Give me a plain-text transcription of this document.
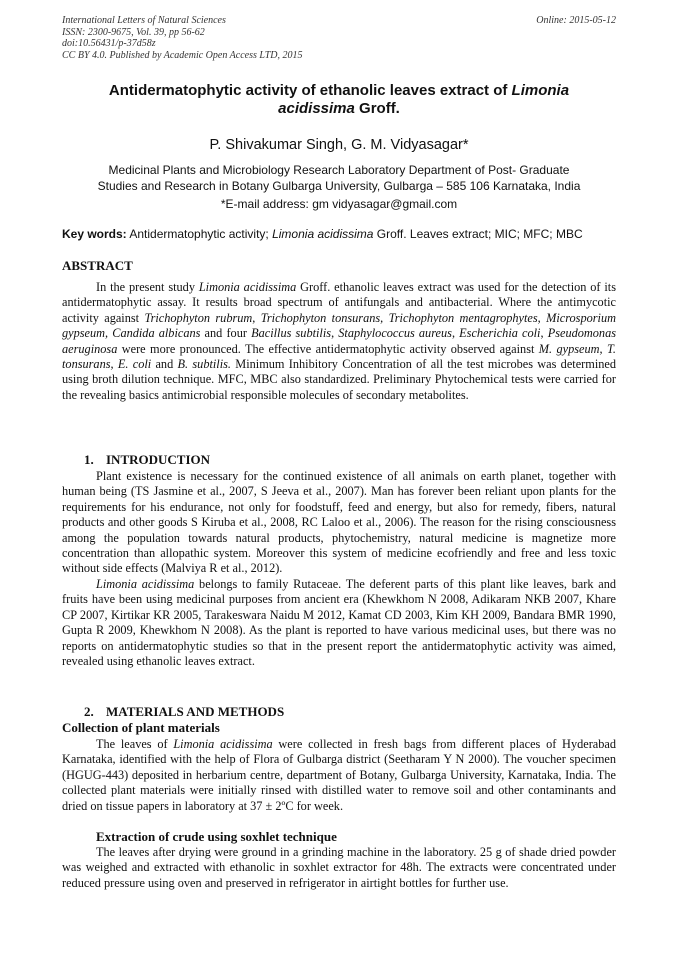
International Letters of Natural Sciences
ISSN: 2300-9675, Vol. 39, pp 56-62
doi:10.56431/p-37d58z
CC BY 4.0. Published by Academic Open Access LTD, 2015
Online: 2015-05-12
Antidermatophytic activity of ethanolic leaves extract of Limonia acidissima Groff.
P. Shivakumar Singh, G. M. Vidyasagar*
Medicinal Plants and Microbiology Research Laboratory Department of Post- Graduate
Studies and Research in Botany Gulbarga University, Gulbarga – 585 106 Karnataka, India
*E-mail address: gm vidyasagar@gmail.com
Key words: Antidermatophytic activity; Limonia acidissima Groff. Leaves extract; MIC; MFC; MBC
ABSTRACT

In the present study Limonia acidissima Groff. ethanolic leaves extract was used for the detection of its antidermatophytic assay. It results broad spectrum of antifungals and antibacterial. Where the antimycotic activity against Trichophyton rubrum, Trichophyton tonsurans, Trichophyton mentagrophytes, Microsporium gypseum, Candida albicans and four Bacillus subtilis, Staphylococcus aureus, Escherichia coli, Pseudomonas aeruginosa were more pronounced. The effective antidermatophytic activity observed against M. gypseum, T. tonsurans, E. coli and B. subtilis. Minimum Inhibitory Concentration of all the test microbes was determined using broth dilution technique. MFC, MBC also standardized. Preliminary Phytochemical tests were carried for the revealing basics antimicrobial responsible molecules of secondary metabolites.

1. INTRODUCTION

Plant existence is necessary for the continued existence of all animals on earth planet, together with human being (TS Jasmine et al., 2007, S Jeeva et al., 2007). Man has forever been reliant upon plants for the requirements for his endurance, not only for foodstuff, feed and energy, but also for remedy, fibers, natural products and other goods S Kiruba et al., 2008, RC Laloo et al., 2006). The reason for the rising consciousness among the population towards natural products, phytochemistry, natural medicine is magnetize more concentration than allopathic system. Moreover this system of medicine ecofriendly and free and less toxic without side effects (Malviya R et al., 2012).

Limonia acidissima belongs to family Rutaceae. The deferent parts of this plant like leaves, bark and fruits have been using medicinal purposes from ancient era (Khewkhom N 2008, Adikaram NKB 2007, Khare CP 2007, Kirtikar KR 2005, Tarakeswara Naidu M 2012, Kamat CD 2003, Kim KH 2009, Bandara BMR 1990, Gupta R 2009, Khewkhom N 2008). As the plant is reported to have various medicinal uses, but there was no reports on antidermatophytic studies so that in the present report the antidermatophytic activity was aimed, revealed using ethanolic leaves extract.

2. MATERIALS AND METHODS
Collection of plant materials

The leaves of Limonia acidissima were collected in fresh bags from different places of Hyderabad Karnataka, identified with the help of Flora of Gulbarga district (Seetharam Y N 2000). The voucher specimen (HGUG-443) deposited in herbarium centre, department of Botany, Gulbarga University, Karnataka, India. The collected plant materials were initially rinsed with distilled water to remove soil and other contaminants and dried on tissue papers in laboratory at 37 ± 2ºC for week.

Extraction of crude using soxhlet technique

The leaves after drying were ground in a grinding machine in the laboratory. 25 g of shade dried powder was weighed and extracted with ethanolic in soxhlet extractor for 48h. The extracts were concentrated under reduced pressure using oven and preserved in refrigerator in airtight bottles for further use.
